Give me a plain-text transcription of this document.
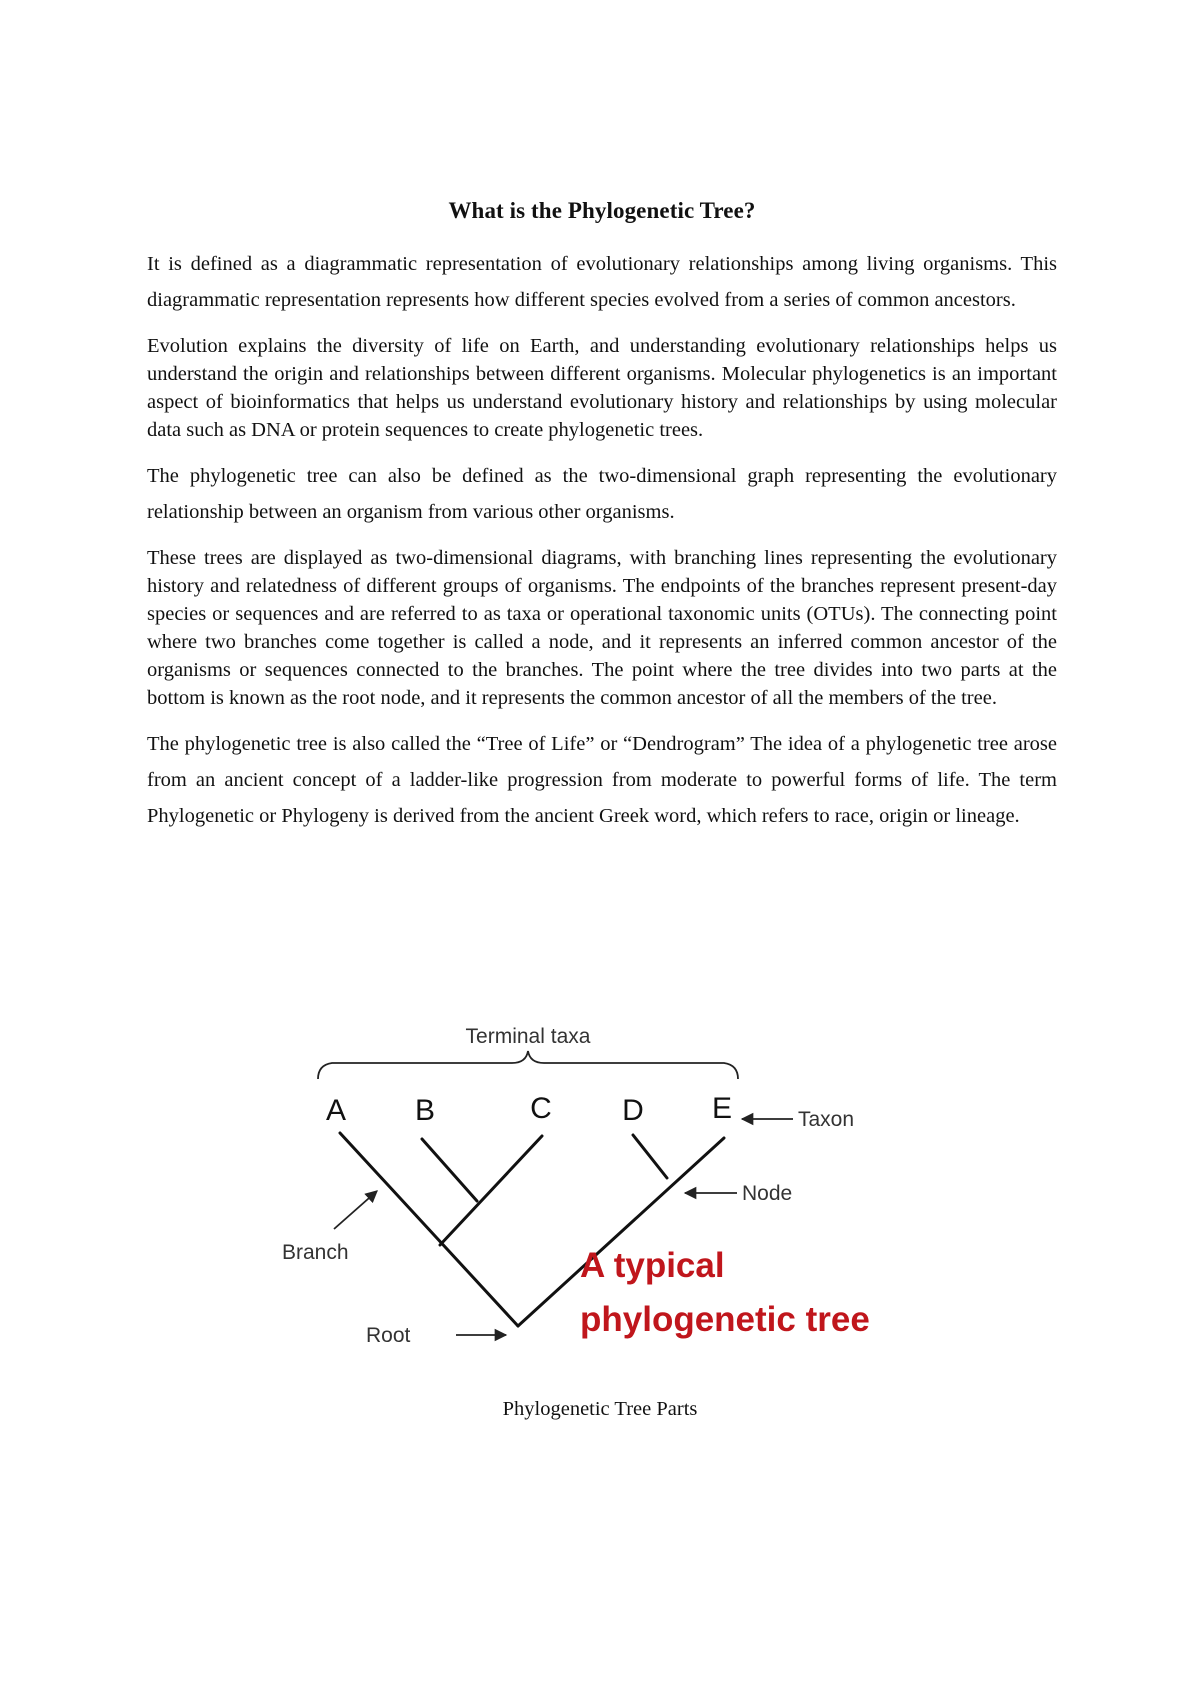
What is the Phylogenetic Tree?

It is defined as a diagrammatic representation of evolutionary relationships among living organisms. This diagrammatic representation represents how different species evolved from a series of common ancestors.

Evolution explains the diversity of life on Earth, and understanding evolutionary relationships helps us understand the origin and relationships between different organisms. Molecular phylogenetics is an important aspect of bioinformatics that helps us understand evolutionary history and relationships by using molecular data such as DNA or protein sequences to create phylogenetic trees.

The phylogenetic tree can also be defined as the two-dimensional graph representing the evolutionary relationship between an organism from various other organisms.

These trees are displayed as two-dimensional diagrams, with branching lines representing the evolutionary history and relatedness of different groups of organisms. The endpoints of the branches represent present-day species or sequences and are referred to as taxa or operational taxonomic units (OTUs). The connecting point where two branches come together is called a node, and it represents an inferred common ancestor of the organisms or sequences connected to the branches. The point where the tree divides into two parts at the bottom is known as the root node, and it represents the common ancestor of all the members of the tree.

The phylogenetic tree is also called the “Tree of Life” or “Dendrogram” The idea of a phylogenetic tree arose from an ancient concept of a ladder-like progression from moderate to powerful forms of life. The term Phylogenetic or Phylogeny is derived from the ancient Greek word, which refers to race, origin or lineage.

Terminal taxa
A B	C D E	Taxon
Node
Branch
Root
A typical
phylogenetic tree
Phylogenetic Tree Parts
